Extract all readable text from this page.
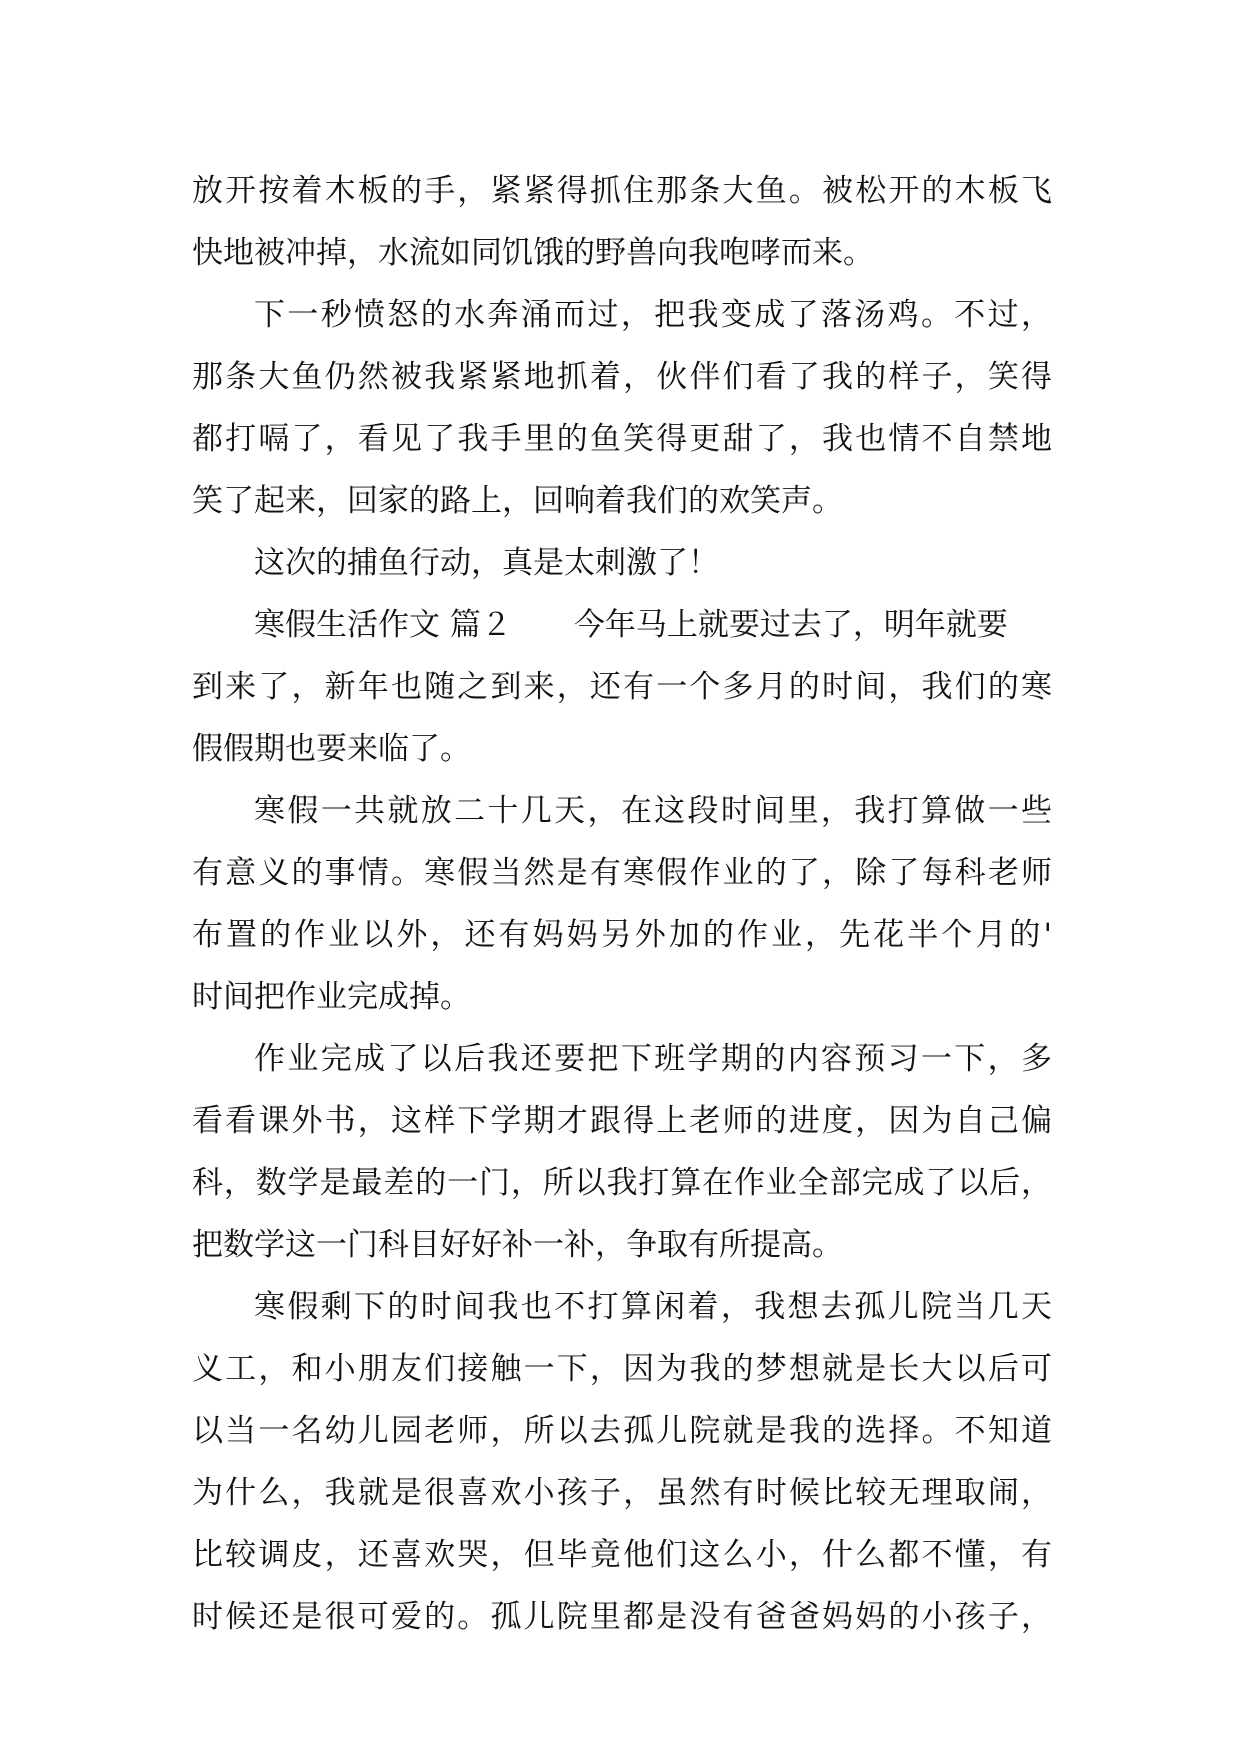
放开按着木板的手，紧紧得抓住那条大鱼。被松开的木板飞
快地被冲掉，水流如同饥饿的野兽向我咆哮而来。
下一秒愤怒的水奔涌而过，把我变成了落汤鸡。不过，
那条大鱼仍然被我紧紧地抓着，伙伴们看了我的样子，笑得
都打嗝了，看见了我手里的鱼笑得更甜了，我也情不自禁地
笑了起来，回家的路上，回响着我们的欢笑声。
这次的捕鱼行动，真是太刺激了！
寒假生活作文 篇２ 今年马上就要过去了，明年就要
到来了，新年也随之到来，还有一个多月的时间，我们的寒
假假期也要来临了。
寒假一共就放二十几天，在这段时间里，我打算做一些
有意义的事情。寒假当然是有寒假作业的了，除了每科老师
布置的作业以外，还有妈妈另外加的作业，先花半个月的'
时间把作业完成掉。
作业完成了以后我还要把下班学期的内容预习一下，多
看看课外书，这样下学期才跟得上老师的进度，因为自己偏
科，数学是最差的一门，所以我打算在作业全部完成了以后，
把数学这一门科目好好补一补，争取有所提高。
寒假剩下的时间我也不打算闲着，我想去孤儿院当几天
义工，和小朋友们接触一下，因为我的梦想就是长大以后可
以当一名幼儿园老师，所以去孤儿院就是我的选择。不知道
为什么，我就是很喜欢小孩子，虽然有时候比较无理取闹，
比较调皮，还喜欢哭，但毕竟他们这么小，什么都不懂，有
时候还是很可爱的。孤儿院里都是没有爸爸妈妈的小孩子，
